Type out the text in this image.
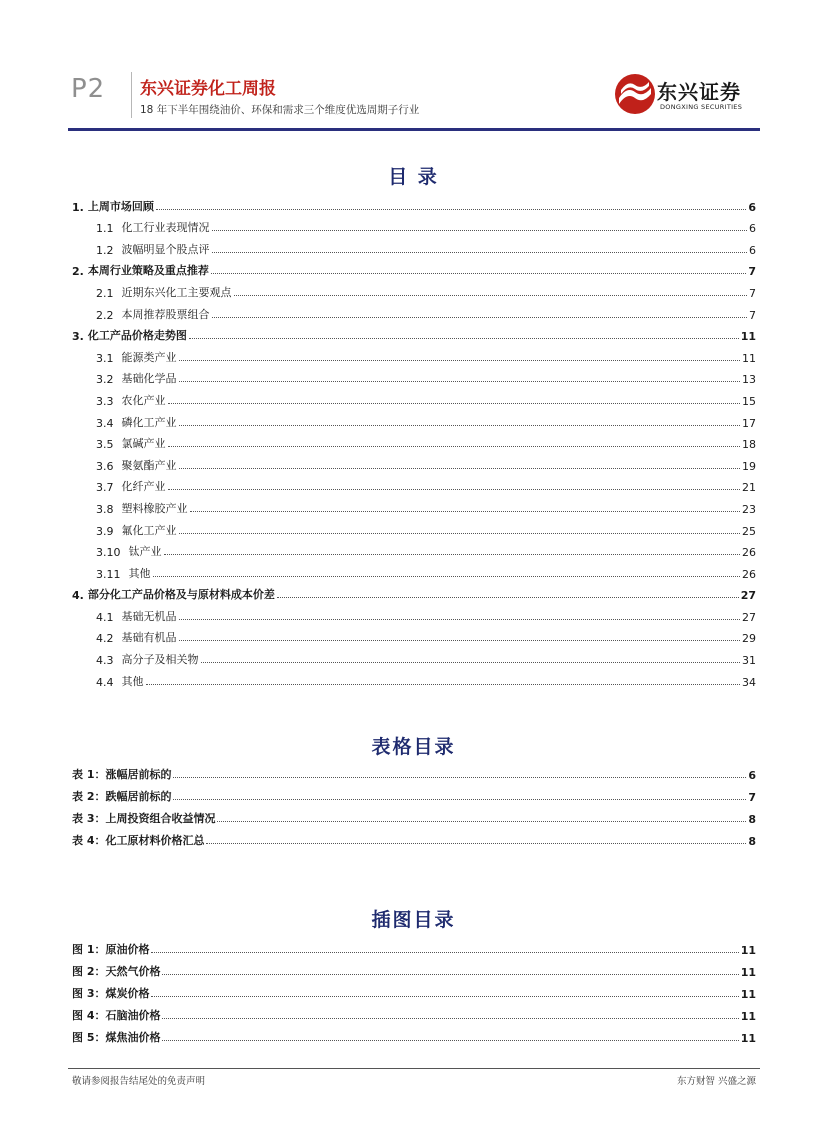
P2 东兴证券化工周报
18 年下半年围绕油价、环保和需求三个维度优选周期子行业
东兴证券
DONGXING SECURITIES
目 录
1. 上周市场回顾	6
1.1 化工行业表现情况	6
1.2 波幅明显个股点评	6
2. 本周行业策略及重点推荐	7
2.1 近期东兴化工主要观点	7
2.2 本周推荐股票组合	7
3. 化工产品价格走势图	11
3.1 能源类产业	11
3.2 基础化学品	13
3.3 农化产业	15
3.4 磷化工产业	17
3.5 氯碱产业	18
3.6 聚氨酯产业	19
3.7 化纤产业	21
3.8 塑料橡胶产业	23
3.9 氟化工产业	25
3.10 钛产业	26
3.11 其他	26
4. 部分化工产品价格及与原材料成本价差	27
4.1 基础无机品	27
4.2 基础有机品	29
4.3 高分子及相关物	31
4.4 其他	34
表格目录
表 1：涨幅居前标的	6
表 2：跌幅居前标的	7
表 3：上周投资组合收益情况	8
表 4：化工原材料价格汇总	8
插图目录
图 1：原油价格	11
图 2：天然气价格	11
图 3：煤炭价格	11
图 4：石脑油价格	11
图 5：煤焦油价格	11
敬请参阅报告结尾处的免责声明	东方财智 兴盛之源
